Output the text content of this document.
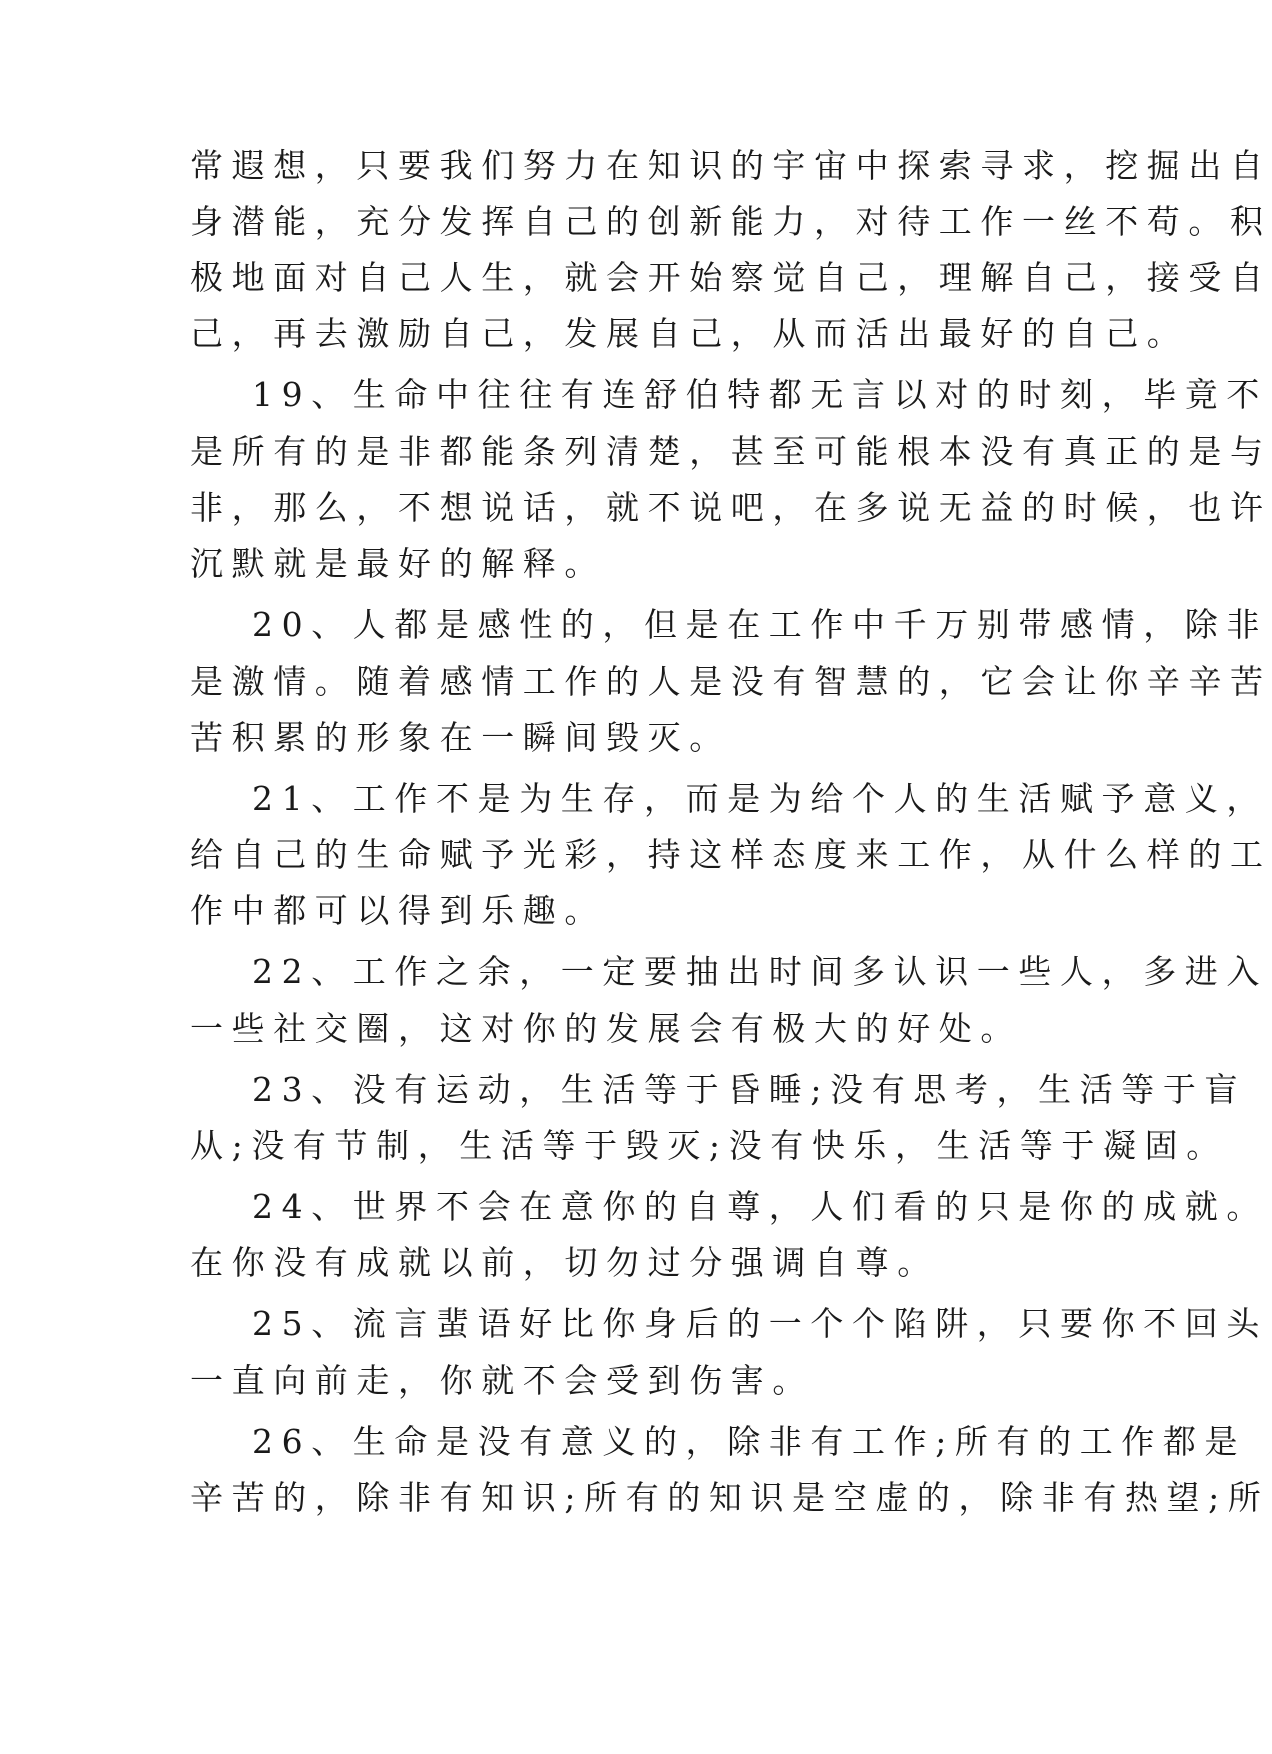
常遐想，只要我们努力在知识的宇宙中探索寻求，挖掘出自
身潜能，充分发挥自己的创新能力，对待工作一丝不苟。积
极地面对自己人生，就会开始察觉自己，理解自己，接受自
己，再去激励自己，发展自己，从而活出最好的自己。
19、生命中往往有连舒伯特都无言以对的时刻，毕竟不
是所有的是非都能条列清楚，甚至可能根本没有真正的是与
非，那么，不想说话，就不说吧，在多说无益的时候，也许
沉默就是最好的解释。
20、人都是感性的，但是在工作中千万别带感情，除非
是激情。随着感情工作的人是没有智慧的，它会让你辛辛苦
苦积累的形象在一瞬间毁灭。
21、工作不是为生存，而是为给个人的生活赋予意义，
给自己的生命赋予光彩，持这样态度来工作，从什么样的工
作中都可以得到乐趣。
22、工作之余，一定要抽出时间多认识一些人，多进入
一些社交圈，这对你的发展会有极大的好处。
23、没有运动，生活等于昏睡;没有思考，生活等于盲
从;没有节制，生活等于毁灭;没有快乐，生活等于凝固。
24、世界不会在意你的自尊，人们看的只是你的成就。
在你没有成就以前，切勿过分强调自尊。
25、流言蜚语好比你身后的一个个陷阱，只要你不回头
一直向前走，你就不会受到伤害。
26、生命是没有意义的，除非有工作;所有的工作都是
辛苦的，除非有知识;所有的知识是空虚的，除非有热望;所
